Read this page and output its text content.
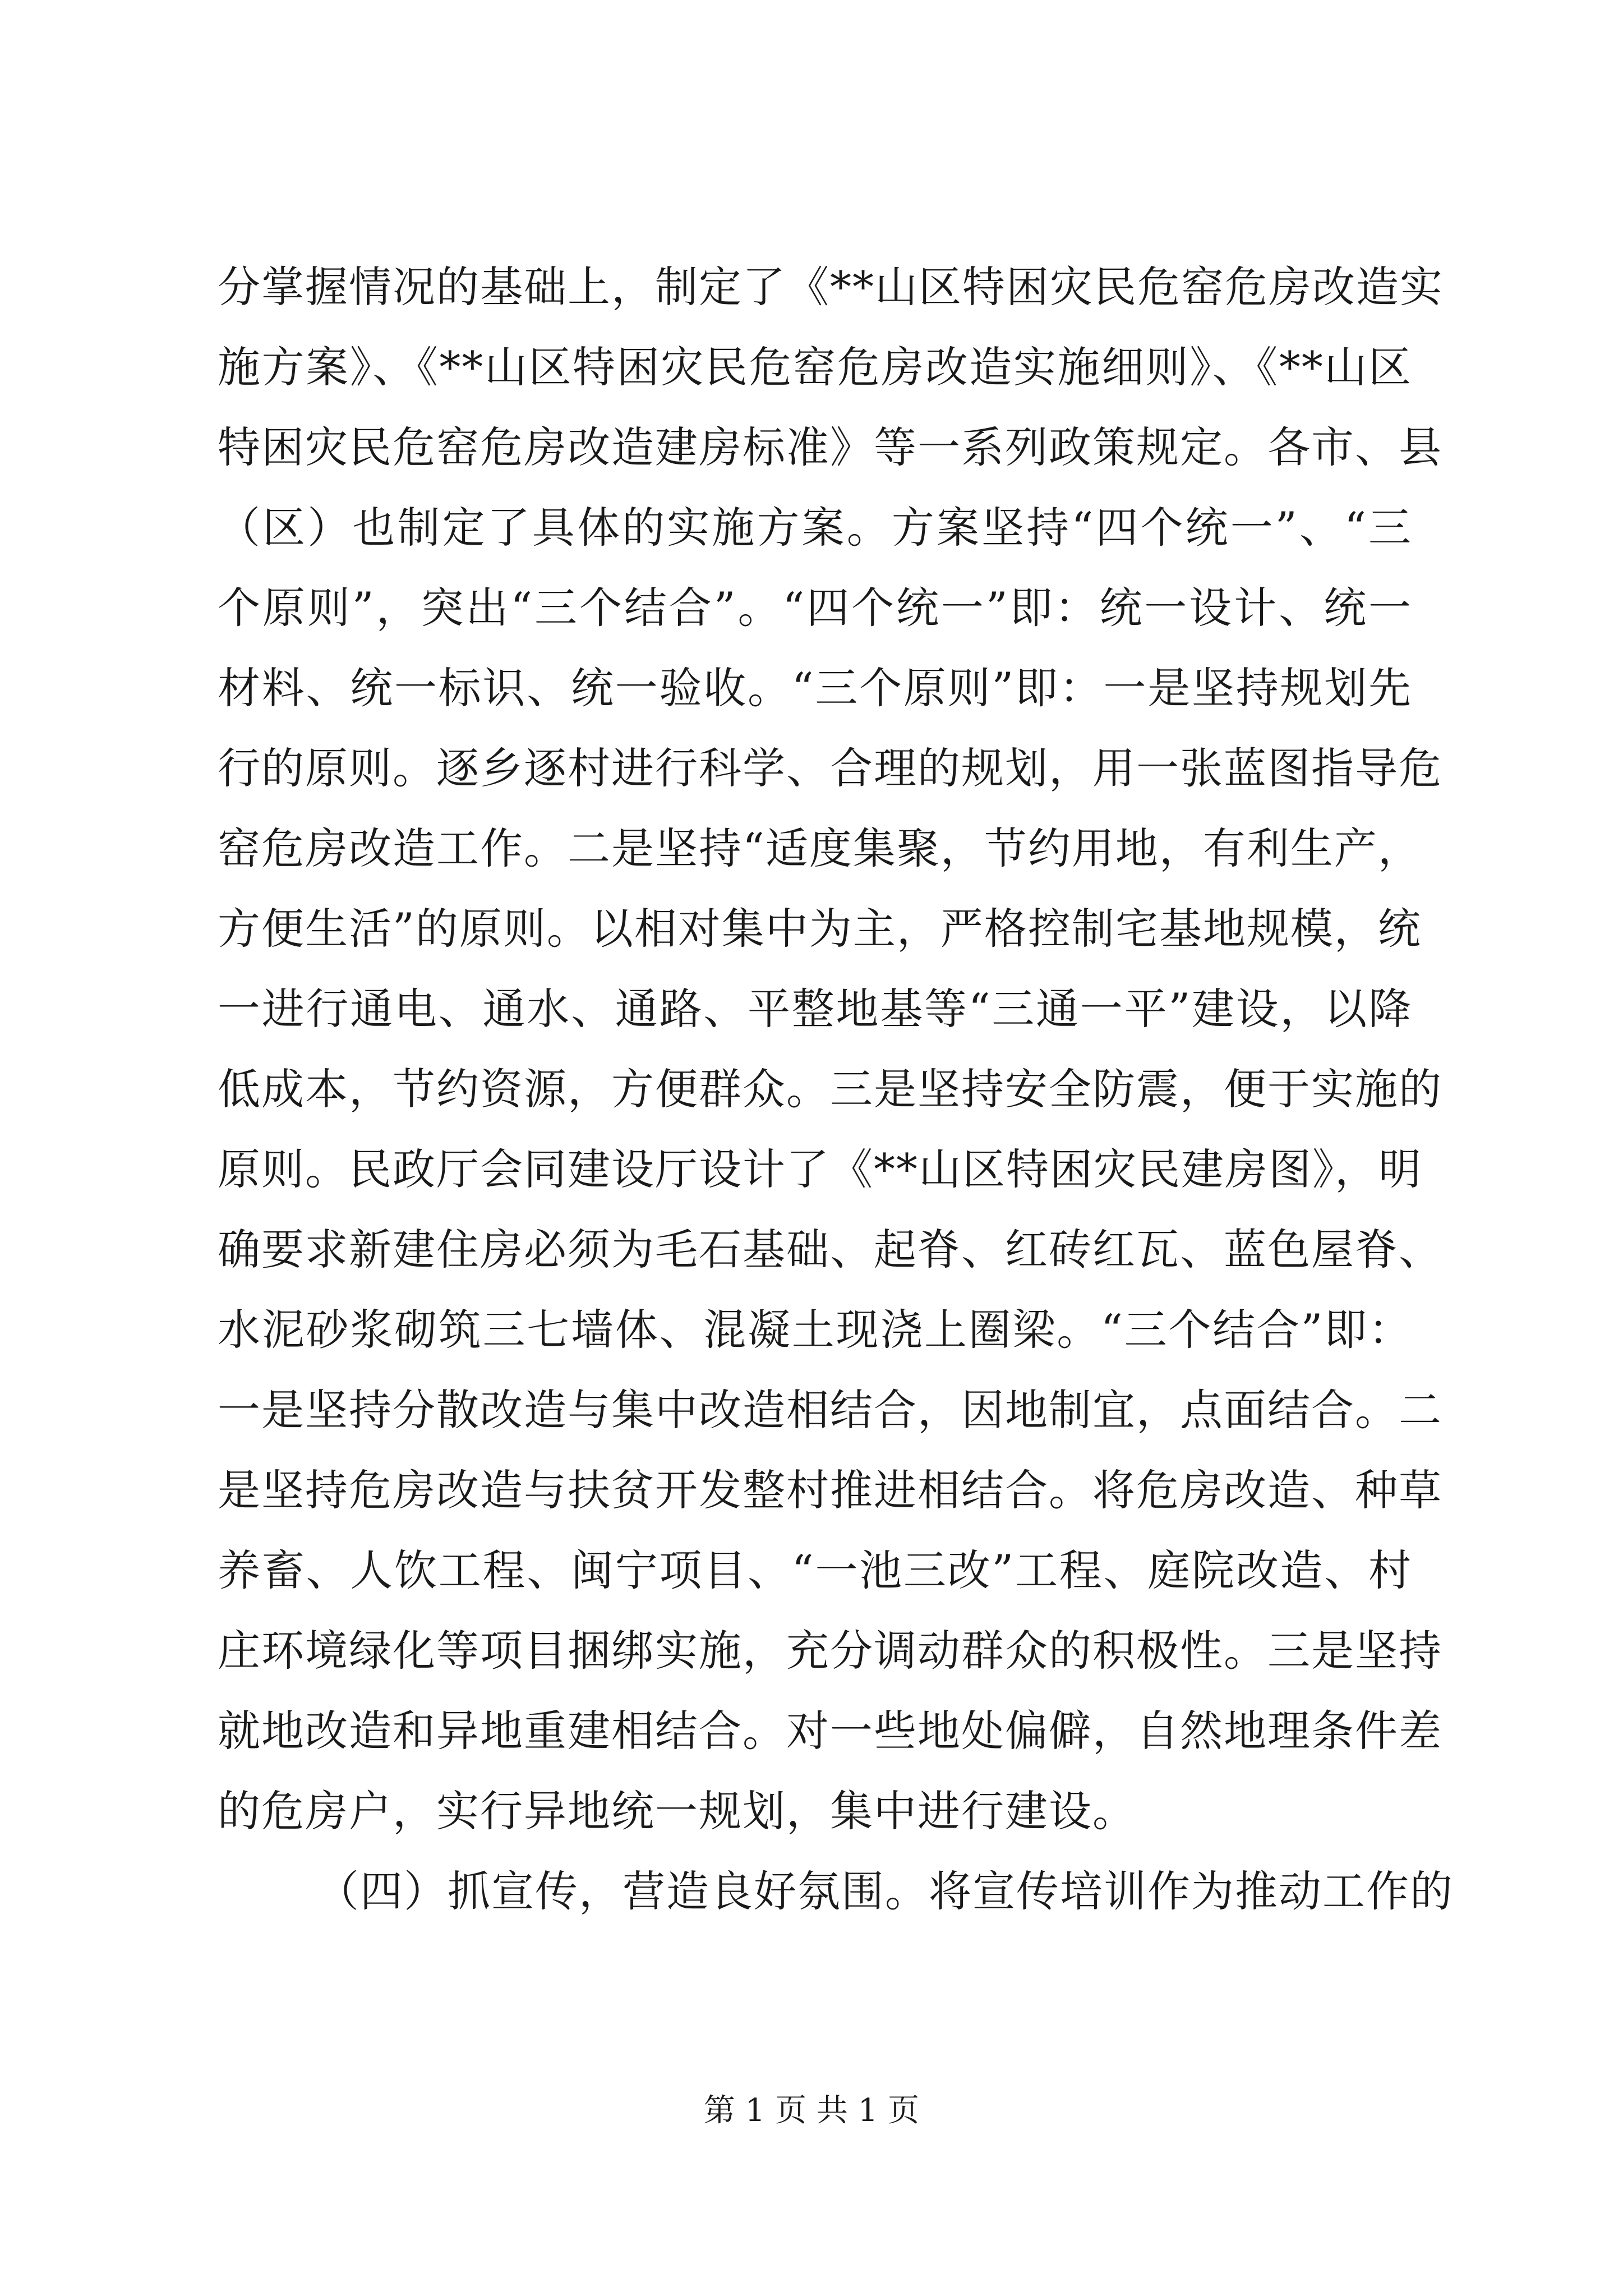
分掌握情况的基础上，制定了《**山区特困灾民危窑危房改造实
施方案》、《**山区特困灾民危窑危房改造实施细则》、《**山区
特困灾民危窑危房改造建房标准》等一系列政策规定。各市、县
（区）也制定了具体的实施方案。方案坚持“四个统一”、“三
个原则”，突出“三个结合”。“四个统一”即：统一设计、统一
材料、统一标识、统一验收。“三个原则”即：一是坚持规划先
行的原则。逐乡逐村进行科学、合理的规划，用一张蓝图指导危
窑危房改造工作。二是坚持“适度集聚，节约用地，有利生产，
方便生活”的原则。以相对集中为主，严格控制宅基地规模，统
一进行通电、通水、通路、平整地基等“三通一平”建设，以降
低成本，节约资源，方便群众。三是坚持安全防震，便于实施的
原则。民政厅会同建设厅设计了《**山区特困灾民建房图》，明
确要求新建住房必须为毛石基础、起脊、红砖红瓦、蓝色屋脊、
水泥砂浆砌筑三七墙体、混凝土现浇上圈梁。“三个结合”即：
一是坚持分散改造与集中改造相结合，因地制宜，点面结合。二
是坚持危房改造与扶贫开发整村推进相结合。将危房改造、种草
养畜、人饮工程、闽宁项目、“一池三改”工程、庭院改造、村
庄环境绿化等项目捆绑实施，充分调动群众的积极性。三是坚持
就地改造和异地重建相结合。对一些地处偏僻，自然地理条件差
的危房户，实行异地统一规划，集中进行建设。
（四）抓宣传，营造良好氛围。将宣传培训作为推动工作的
第 1 页 共 1 页
